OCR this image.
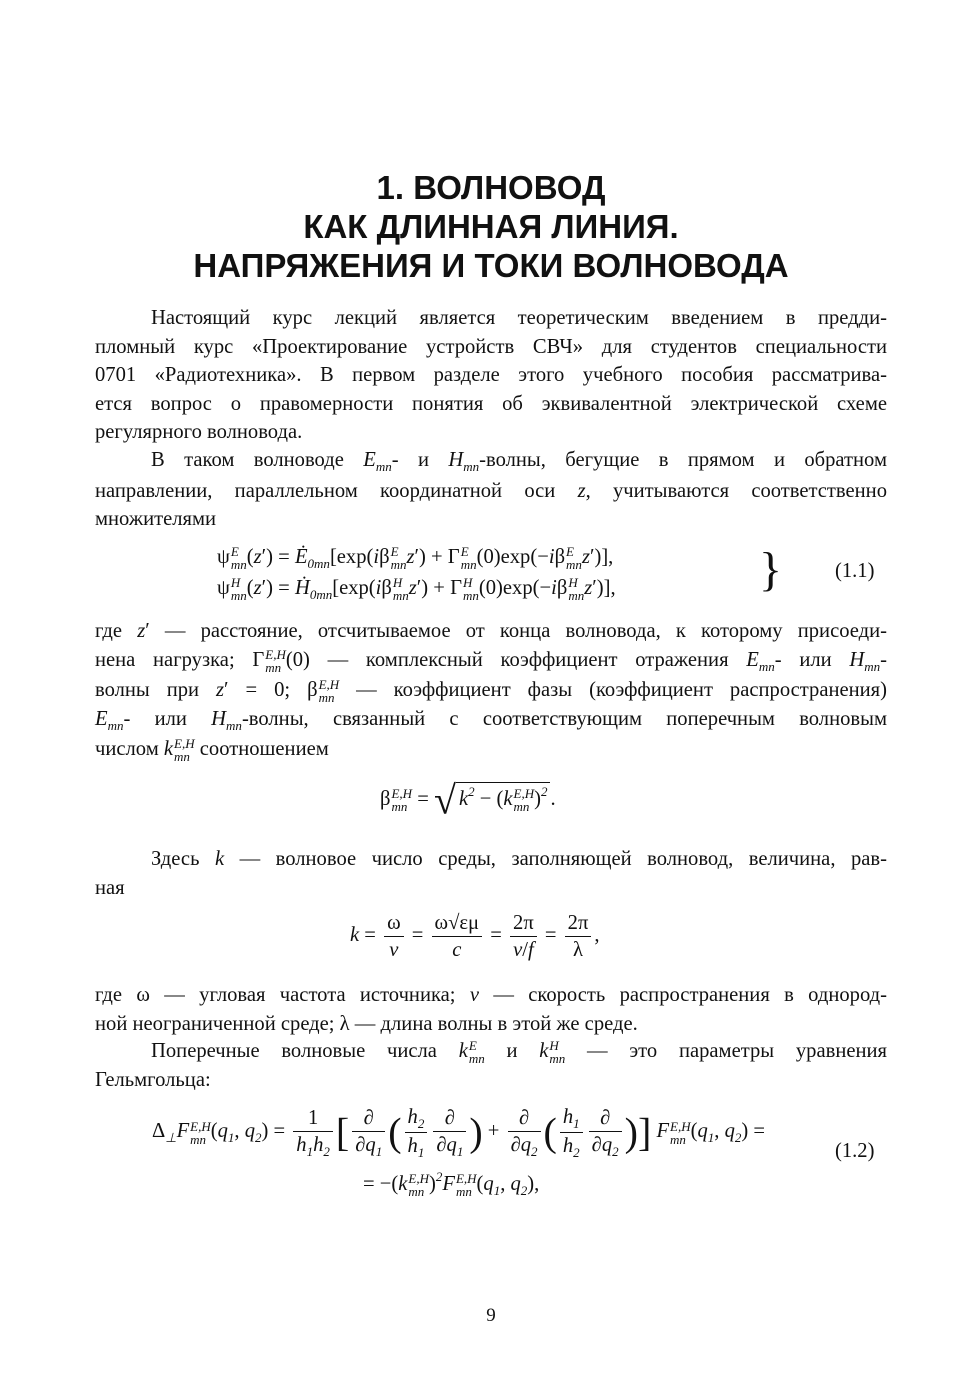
1. ВОЛНОВОД
КАК ДЛИННАЯ ЛИНИЯ.
НАПРЯЖЕНИЯ И ТОКИ ВОЛНОВОДА
Настоящий курс лекций является теоретическим введением в предди-
пломный курс «Проектирование устройств СВЧ» для студентов специальности
0701 «Радиотехника». В первом разделе этого учебного пособия рассматрива-
ется вопрос о правомерности понятия об эквивалентной электрической схеме
регулярного волновода.
В таком волноводе $E_{mn}-$ и $H_{mn}$-волны, бегущие в прямом и обратном
направлении, параллельном координатной оси z, учитываются соответственно
множителями
ψ E
mn $(z') = Ė_{0mn}[\exp(i\beta$ E
mn z′) + Γ E
mn (0)exp(−iβ E
mn z′)],
ψ H
mn (z′) = Ḣ$_{0mn}$[exp(iβ H
mn z′) + Γ H
mn (0)exp(−iβ H
mn z′)],	}	(1.1)
где z′ — расстояние, отсчитываемое от конца волновода, к которому присоеди-
нена нагрузка; Γ E,H
mn (0) — комплексный коэффициент отражения $E_{mn}-$ или $H_{mn}-$
волны при z′ = 0; β E,H
mn — коэффициент фазы (коэффициент распространения)
$E_{mn}-$ или $H_{mn}$-волны, связанный с соответствующим поперечным волновым
числом k E,H
mn соотношением
β E,H
mn = √ $k^2 - (k$ E,H
mn )$^2$ .
Здесь k — волновое число среды, заполняющей волновод, величина, рав-
ная
$k = \frac{\omega}{v} = \frac{\omega√\varepsilon\mu}{c} = \frac{2\pi}{v/f} = \frac{2\pi}{\lambda}$ ,
где ω — угловая частота источника; v — скорость распространения в однород-
ной неограниченной среде; λ — длина волны в этой же среде.
Поперечные волновые числа k E
mn и k H
mn — это параметры уравнения
Гельмгольца:
$\Delta_\perp F$ E,H
mn ($q_1$, $q_2) = \frac{1}{h_1h_2}$ [ $\frac{\partial}{\partial q_1}$ ( $\frac{h_2}{h_1} \frac{\partial}{\partial q_1}$ ) + $\frac{\partial}{\partial q_2}$ ( $\frac{h_1}{h_2} \frac{\partial}{\partial q_2}$ )] F E,H
mn ($q_1$, $q_2$) =
= −(k E,H
mn )$^2$F E,H
mn ($q_1$, $q_2$),
(1.2)
9
